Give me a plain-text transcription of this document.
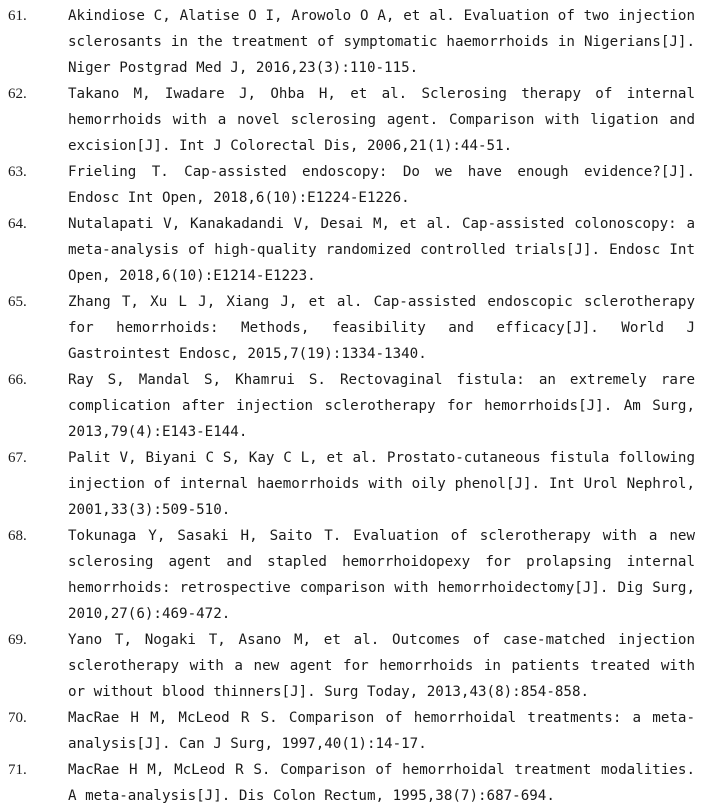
61.	Akindiose C, Alatise O I, Arowolo O A, et al. Evaluation of two injection sclerosants in the treatment of symptomatic haemorrhoids in Nigerians[J]. Niger Postgrad Med J, 2016,23(3):110-115.
62.	Takano M, Iwadare J, Ohba H, et al. Sclerosing therapy of internal hemorrhoids with a novel sclerosing agent. Comparison with ligation and excision[J]. Int J Colorectal Dis, 2006,21(1):44-51.
63.	Frieling T. Cap-assisted endoscopy: Do we have enough evidence?[J]. Endosc Int Open, 2018,6(10):E1224-E1226.
64.	Nutalapati V, Kanakadandi V, Desai M, et al. Cap-assisted colonoscopy: a meta-analysis of high-quality randomized controlled trials[J]. Endosc Int Open, 2018,6(10):E1214-E1223.
65.	Zhang T, Xu L J, Xiang J, et al. Cap-assisted endoscopic sclerotherapy for hemorrhoids: Methods, feasibility and efficacy[J]. World J Gastrointest Endosc, 2015,7(19):1334-1340.
66.	Ray S, Mandal S, Khamrui S. Rectovaginal fistula: an extremely rare complication after injection sclerotherapy for hemorrhoids[J]. Am Surg, 2013,79(4):E143-E144.
67.	Palit V, Biyani C S, Kay C L, et al. Prostato-cutaneous fistula following injection of internal haemorrhoids with oily phenol[J]. Int Urol Nephrol, 2001,33(3):509-510.
68.	Tokunaga Y, Sasaki H, Saito T. Evaluation of sclerotherapy with a new sclerosing agent and stapled hemorrhoidopexy for prolapsing internal hemorrhoids: retrospective comparison with hemorrhoidectomy[J]. Dig Surg, 2010,27(6):469-472.
69.	Yano T, Nogaki T, Asano M, et al. Outcomes of case-matched injection sclerotherapy with a new agent for hemorrhoids in patients treated with or without blood thinners[J]. Surg Today, 2013,43(8):854-858.
70.	MacRae H M, McLeod R S. Comparison of hemorrhoidal treatments: a meta-analysis[J]. Can J Surg, 1997,40(1):14-17.
71.	MacRae H M, McLeod R S. Comparison of hemorrhoidal treatment modalities. A meta-analysis[J]. Dis Colon Rectum, 1995,38(7):687-694.
